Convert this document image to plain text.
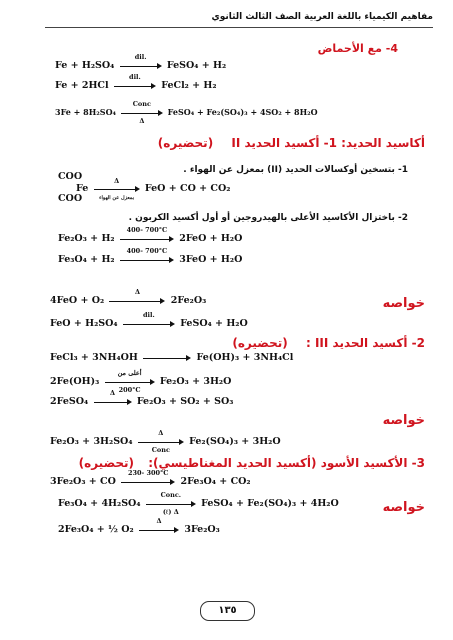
مفاهيم الكيمياء باللغة العربية الصف الثالث الثانوي
4- مع الأحماض
Fe + H₂SO₄
dil.
FeSO₄ + H₂
Fe + 2HCl
dil.
FeCl₂ + H₂
3Fe + 8H₂SO₄
Conc
Δ
FeSO₄ + Fe₂(SO₄)₃ + 4SO₂ + 8H₂O
أكاسيد الحديد: 1- أكسيد الحديد II (تحضيره)
1- بتسخين أوكسالات الحديد (II) بمعزل عن الهواء .
COO
Fe
Δ
بمعزل عن الهواء
FeO + CO + CO₂
COO
2- باختزال الأكاسيد الأعلى بالهيدروجين أو أول أكسيد الكربون .
Fe₂O₃ + H₂
400- 700°C
2FeO + H₂O
Fe₃O₄ + H₂
400- 700°C
3FeO + H₂O
خواصه
4FeO + O₂
Δ
2Fe₂O₃
FeO + H₂SO₄
dil.
FeSO₄ + H₂O
2- أكسيد الحديد III : (تحضيره)
FeCl₃ + 3NH₄OH	Fe(OH)₃ + 3NH₄Cl
2Fe(OH)₃
أعلى من
200°C
Fe₂O₃ + 3H₂O
2FeSO₄
Δ
Fe₂O₃ + SO₂ + SO₃
خواصه
Fe₂O₃ + 3H₂SO₄
Δ
Conc
Fe₂(SO₄)₃ + 3H₂O
3- الأكسيد الأسود (أكسيد الحديد المغناطيسي): (تحضيره)
3Fe₂O₃ + CO
230- 300°C
2Fe₃O₄ + CO₂
خواصه
Fe₃O₄ + 4H₂SO₄
Conc.
(ℓ) Δ
FeSO₄ + Fe₂(SO₄)₃ + 4H₂O
2Fe₃O₄ + ½ O₂
Δ
3Fe₂O₃
١٣٥
